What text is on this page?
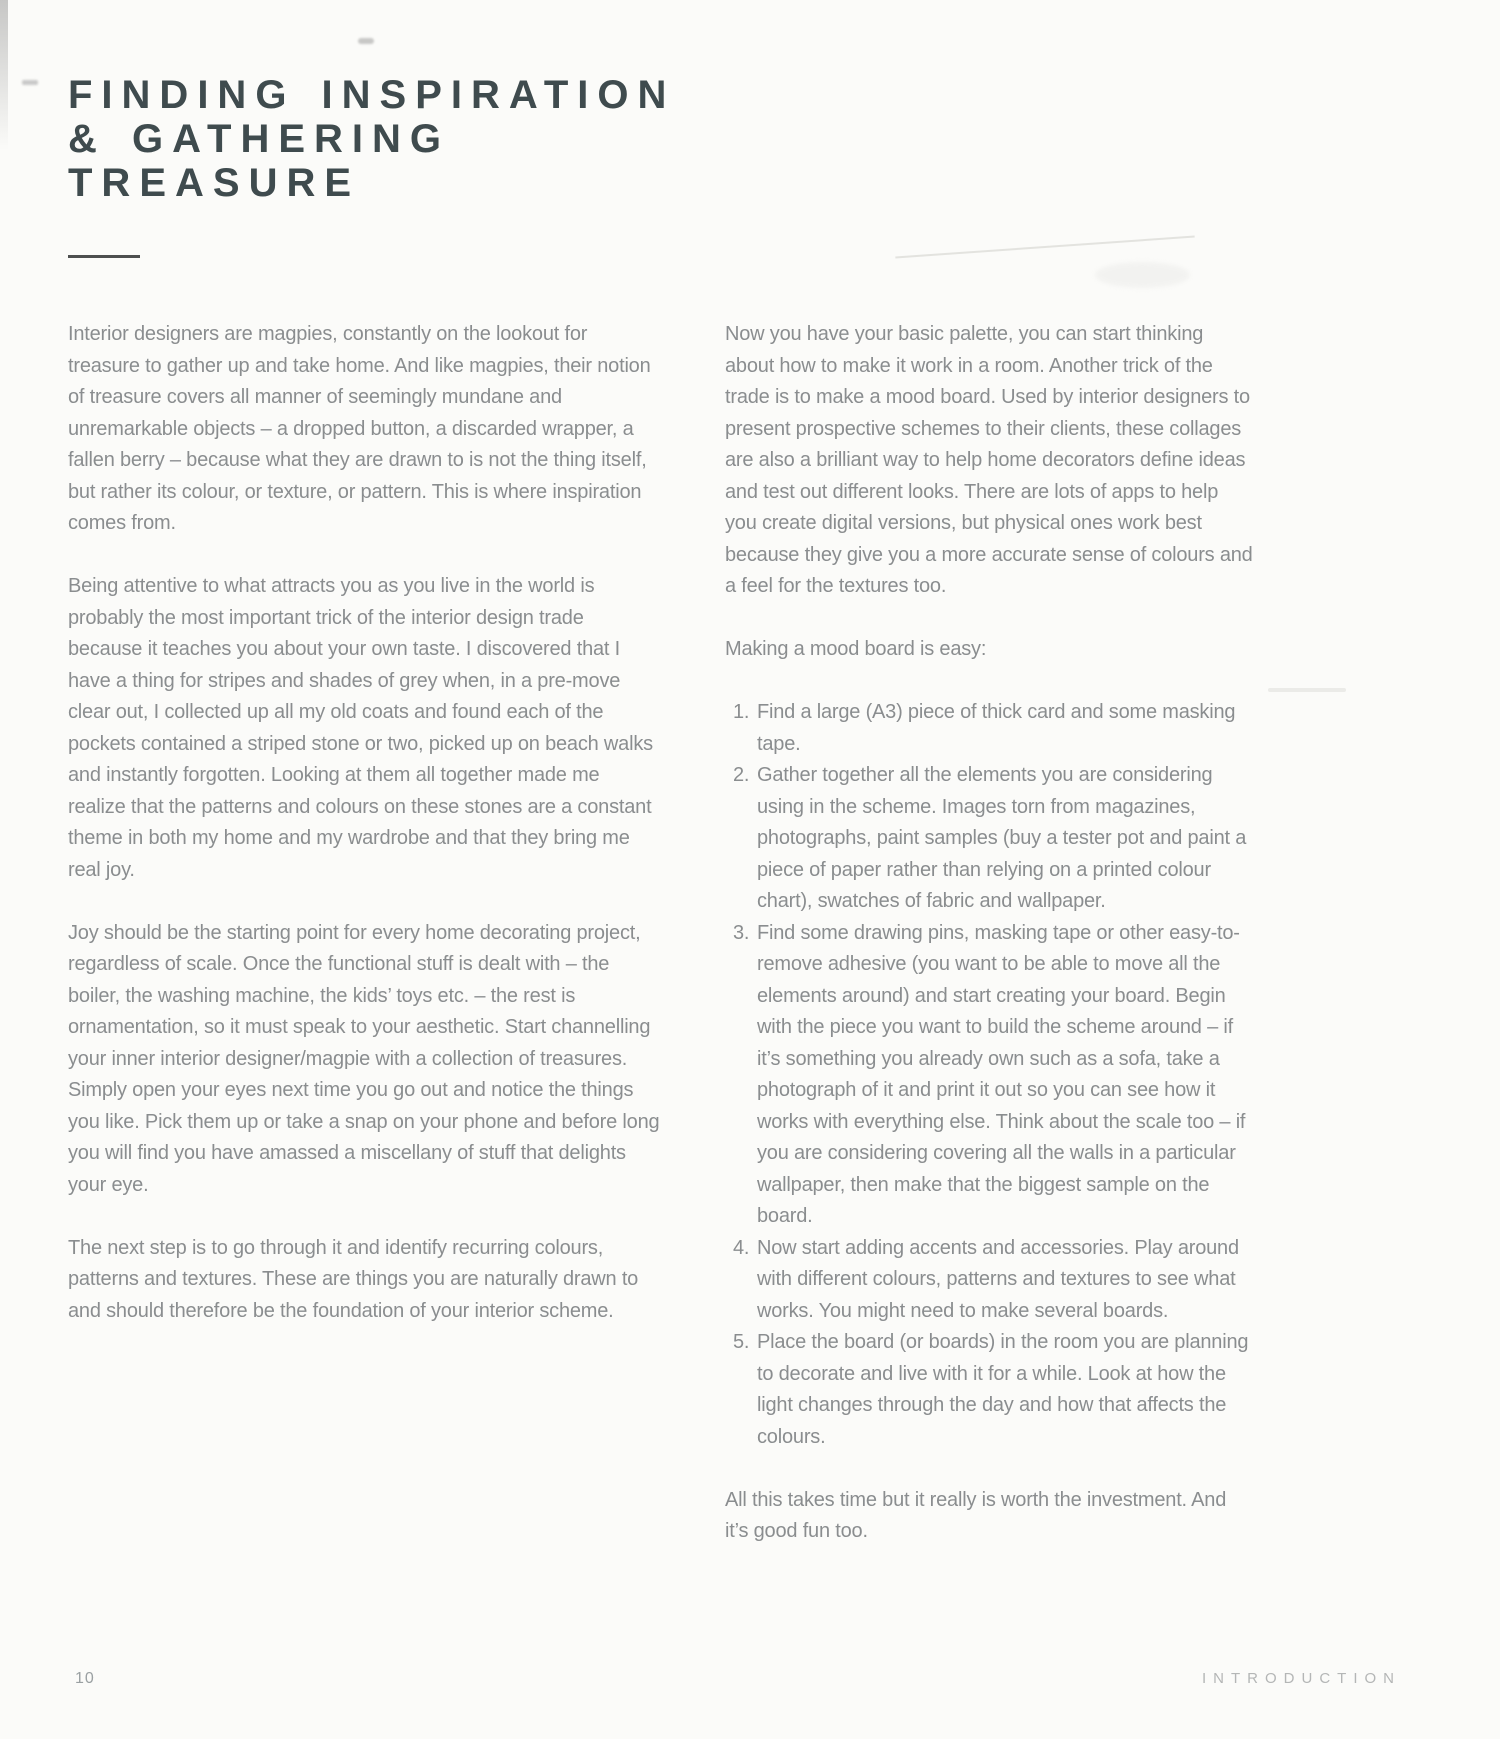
FINDING INSPIRATION
& GATHERING
TREASURE

Interior designers are magpies, constantly on the lookout for treasure to gather up and take home. And like magpies, their notion of treasure covers all manner of seemingly mundane and unremarkable objects – a dropped button, a discarded wrapper, a fallen berry – because what they are drawn to is not the thing itself, but rather its colour, or texture, or pattern. This is where inspiration comes from.

Being attentive to what attracts you as you live in the world is probably the most important trick of the interior design trade because it teaches you about your own taste. I discovered that I have a thing for stripes and shades of grey when, in a pre-move clear out, I collected up all my old coats and found each of the pockets contained a striped stone or two, picked up on beach walks and instantly forgotten. Looking at them all together made me realize that the patterns and colours on these stones are a constant theme in both my home and my wardrobe and that they bring me real joy.

Joy should be the starting point for every home decorating project, regardless of scale. Once the functional stuff is dealt with – the boiler, the washing machine, the kids’ toys etc. – the rest is ornamentation, so it must speak to your aesthetic. Start channelling your inner interior designer/magpie with a collection of treasures. Simply open your eyes next time you go out and notice the things you like. Pick them up or take a snap on your phone and before long you will find you have amassed a miscellany of stuff that delights your eye.

The next step is to go through it and identify recurring colours, patterns and textures. These are things you are naturally drawn to and should therefore be the foundation of your interior scheme.

Now you have your basic palette, you can start thinking about how to make it work in a room. Another trick of the trade is to make a mood board. Used by interior designers to present prospective schemes to their clients, these collages are also a brilliant way to help home decorators define ideas and test out different looks. There are lots of apps to help you create digital versions, but physical ones work best because they give you a more accurate sense of colours and a feel for the textures too.

Making a mood board is easy:

1. Find a large (A3) piece of thick card and some masking tape.
2. Gather together all the elements you are considering using in the scheme. Images torn from magazines, photographs, paint samples (buy a tester pot and paint a piece of paper rather than relying on a printed colour chart), swatches of fabric and wallpaper.
3. Find some drawing pins, masking tape or other easy-to-remove adhesive (you want to be able to move all the elements around) and start creating your board. Begin with the piece you want to build the scheme around – if it’s something you already own such as a sofa, take a photograph of it and print it out so you can see how it works with everything else. Think about the scale too – if you are considering covering all the walls in a particular wallpaper, then make that the biggest sample on the board.
4. Now start adding accents and accessories. Play around with different colours, patterns and textures to see what works. You might need to make several boards.
5. Place the board (or boards) in the room you are planning to decorate and live with it for a while. Look at how the light changes through the day and how that affects the colours.

All this takes time but it really is worth the investment. And it’s good fun too.

10	INTRODUCTION
